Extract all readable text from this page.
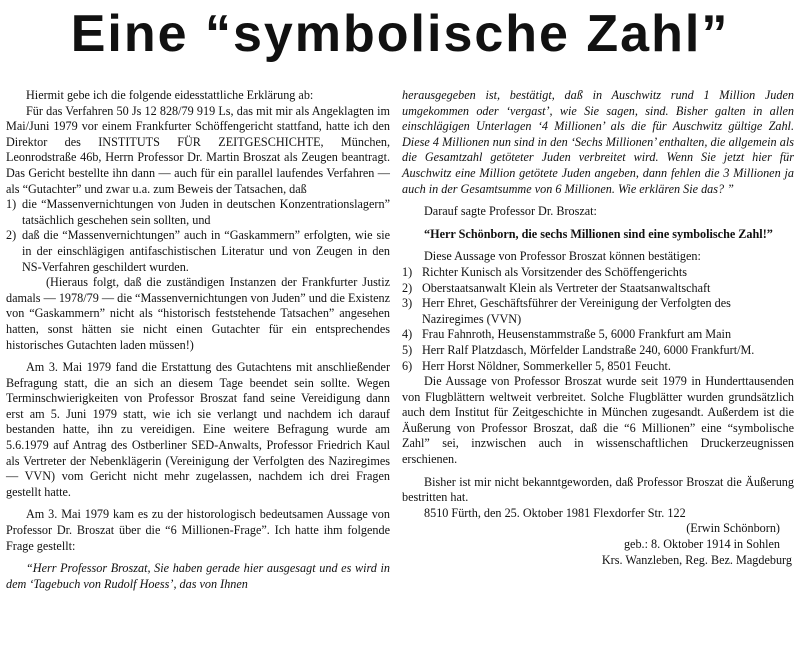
Eine “symbolische Zahl”

Hiermit gebe ich die folgende eidesstattliche Erklärung ab:

Für das Verfahren 50 Js 12 828/79 919 Ls, das mit mir als Angeklagten im Mai/Juni 1979 vor einem Frankfurter Schöffengericht stattfand, hatte ich den Direktor des INSTITUTS FÜR ZEITGESCHICHTE, München, Leonrodstraße 46b, Herrn Professor Dr. Martin Broszat als Zeugen beantragt. Das Gericht bestellte ihn dann — auch für ein parallel laufendes Verfahren — als “Gutachter” und zwar u.a. zum Beweis der Tatsachen, daß

1) die “Massenvernichtungen von Juden in deutschen Konzentrationslagern” tatsächlich geschehen sein sollten, und
2) daß die “Massenvernichtungen” auch in “Gaskammern” erfolgten, wie sie in der einschlägigen antifaschistischen Literatur und von Zeugen in den NS-Verfahren geschildert wurden.

(Hieraus folgt, daß die zuständigen Instanzen der Frankfurter Justiz damals — 1978/79 — die “Massenvernichtungen von Juden” und die Existenz von “Gaskammern” nicht als “historisch feststehende Tatsachen” angesehen hatten, sonst hätten sie nicht einen Gutachter für ein entsprechendes historisches Gutachten laden müssen!)

Am 3. Mai 1979 fand die Erstattung des Gutachtens mit anschließender Befragung statt, die an sich an diesem Tage beendet sein sollte. Wegen Terminschwierigkeiten von Professor Broszat fand seine Vereidigung dann erst am 5. Juni 1979 statt, wie ich sie verlangt und nachdem ich darauf bestanden hatte, ihn zu vereidigen. Eine weitere Befragung wurde am 5.6.1979 auf Antrag des Ostberliner SED-Anwalts, Professor Friedrich Kaul als Vertreter der Nebenklägerin (Vereinigung der Verfolgten des Naziregimes — VVN) vom Gericht nicht mehr zugelassen, nachdem ich drei Fragen gestellt hatte.

Am 3. Mai 1979 kam es zu der historologisch bedeutsamen Aussage von Professor Dr. Broszat über die “6 Millionen-Frage”. Ich hatte ihm folgende Frage gestellt:

“Herr Professor Broszat, Sie haben gerade hier ausgesagt und es wird in dem ‘Tagebuch von Rudolf Hoess’, das von Ihnen

herausgegeben ist, bestätigt, daß in Auschwitz rund 1 Million Juden umgekommen oder ‘vergast’, wie Sie sagen, sind. Bisher galten in allen einschlägigen Unterlagen ‘4 Millionen’ als die für Auschwitz gültige Zahl. Diese 4 Millionen nun sind in den ‘Sechs Millionen’ enthalten, die allgemein als die Gesamtzahl getöteter Juden verbreitet wird. Wenn Sie jetzt hier für Auschwitz eine Million getötete Juden angeben, dann fehlen die 3 Millionen ja auch in der Gesamtsumme von 6 Millionen. Wie erklären Sie das? ”

Darauf sagte Professor Dr. Broszat:

“Herr Schönborn, die sechs Millionen sind eine symbolische Zahl!”

Diese Aussage von Professor Broszat können bestätigen:

1) Richter Kunisch als Vorsitzender des Schöffengerichts
2) Oberstaatsanwalt Klein als Vertreter der Staatsanwaltschaft
3) Herr Ehret, Geschäftsführer der Vereinigung der Verfolgten des Naziregimes (VVN)
4) Frau Fahnroth, Heusenstammstraße 5, 6000 Frankfurt am Main
5) Herr Ralf Platzdasch, Mörfelder Landstraße 240, 6000 Frankfurt/M.
6) Herr Horst Nöldner, Sommerkeller 5, 8501 Feucht.

Die Aussage von Professor Broszat wurde seit 1979 in Hunderttausenden von Flugblättern weltweit verbreitet. Solche Flugblätter wurden grundsätzlich auch dem Institut für Zeitgeschichte in München zugesandt. Außerdem ist die Äußerung von Professor Broszat, daß die “6 Millionen” eine “symbolische Zahl” sei, inzwischen auch in wissenschaftlichen Druckerzeugnissen erschienen.

Bisher ist mir nicht bekanntgeworden, daß Professor Broszat die Äußerung bestritten hat.

8510 Fürth, den 25. Oktober 1981 Flexdorfer Str. 122

(Erwin Schönborn)

geb.: 8. Oktober 1914 in Sohlen

Krs. Wanzleben, Reg. Bez. Magdeburg
